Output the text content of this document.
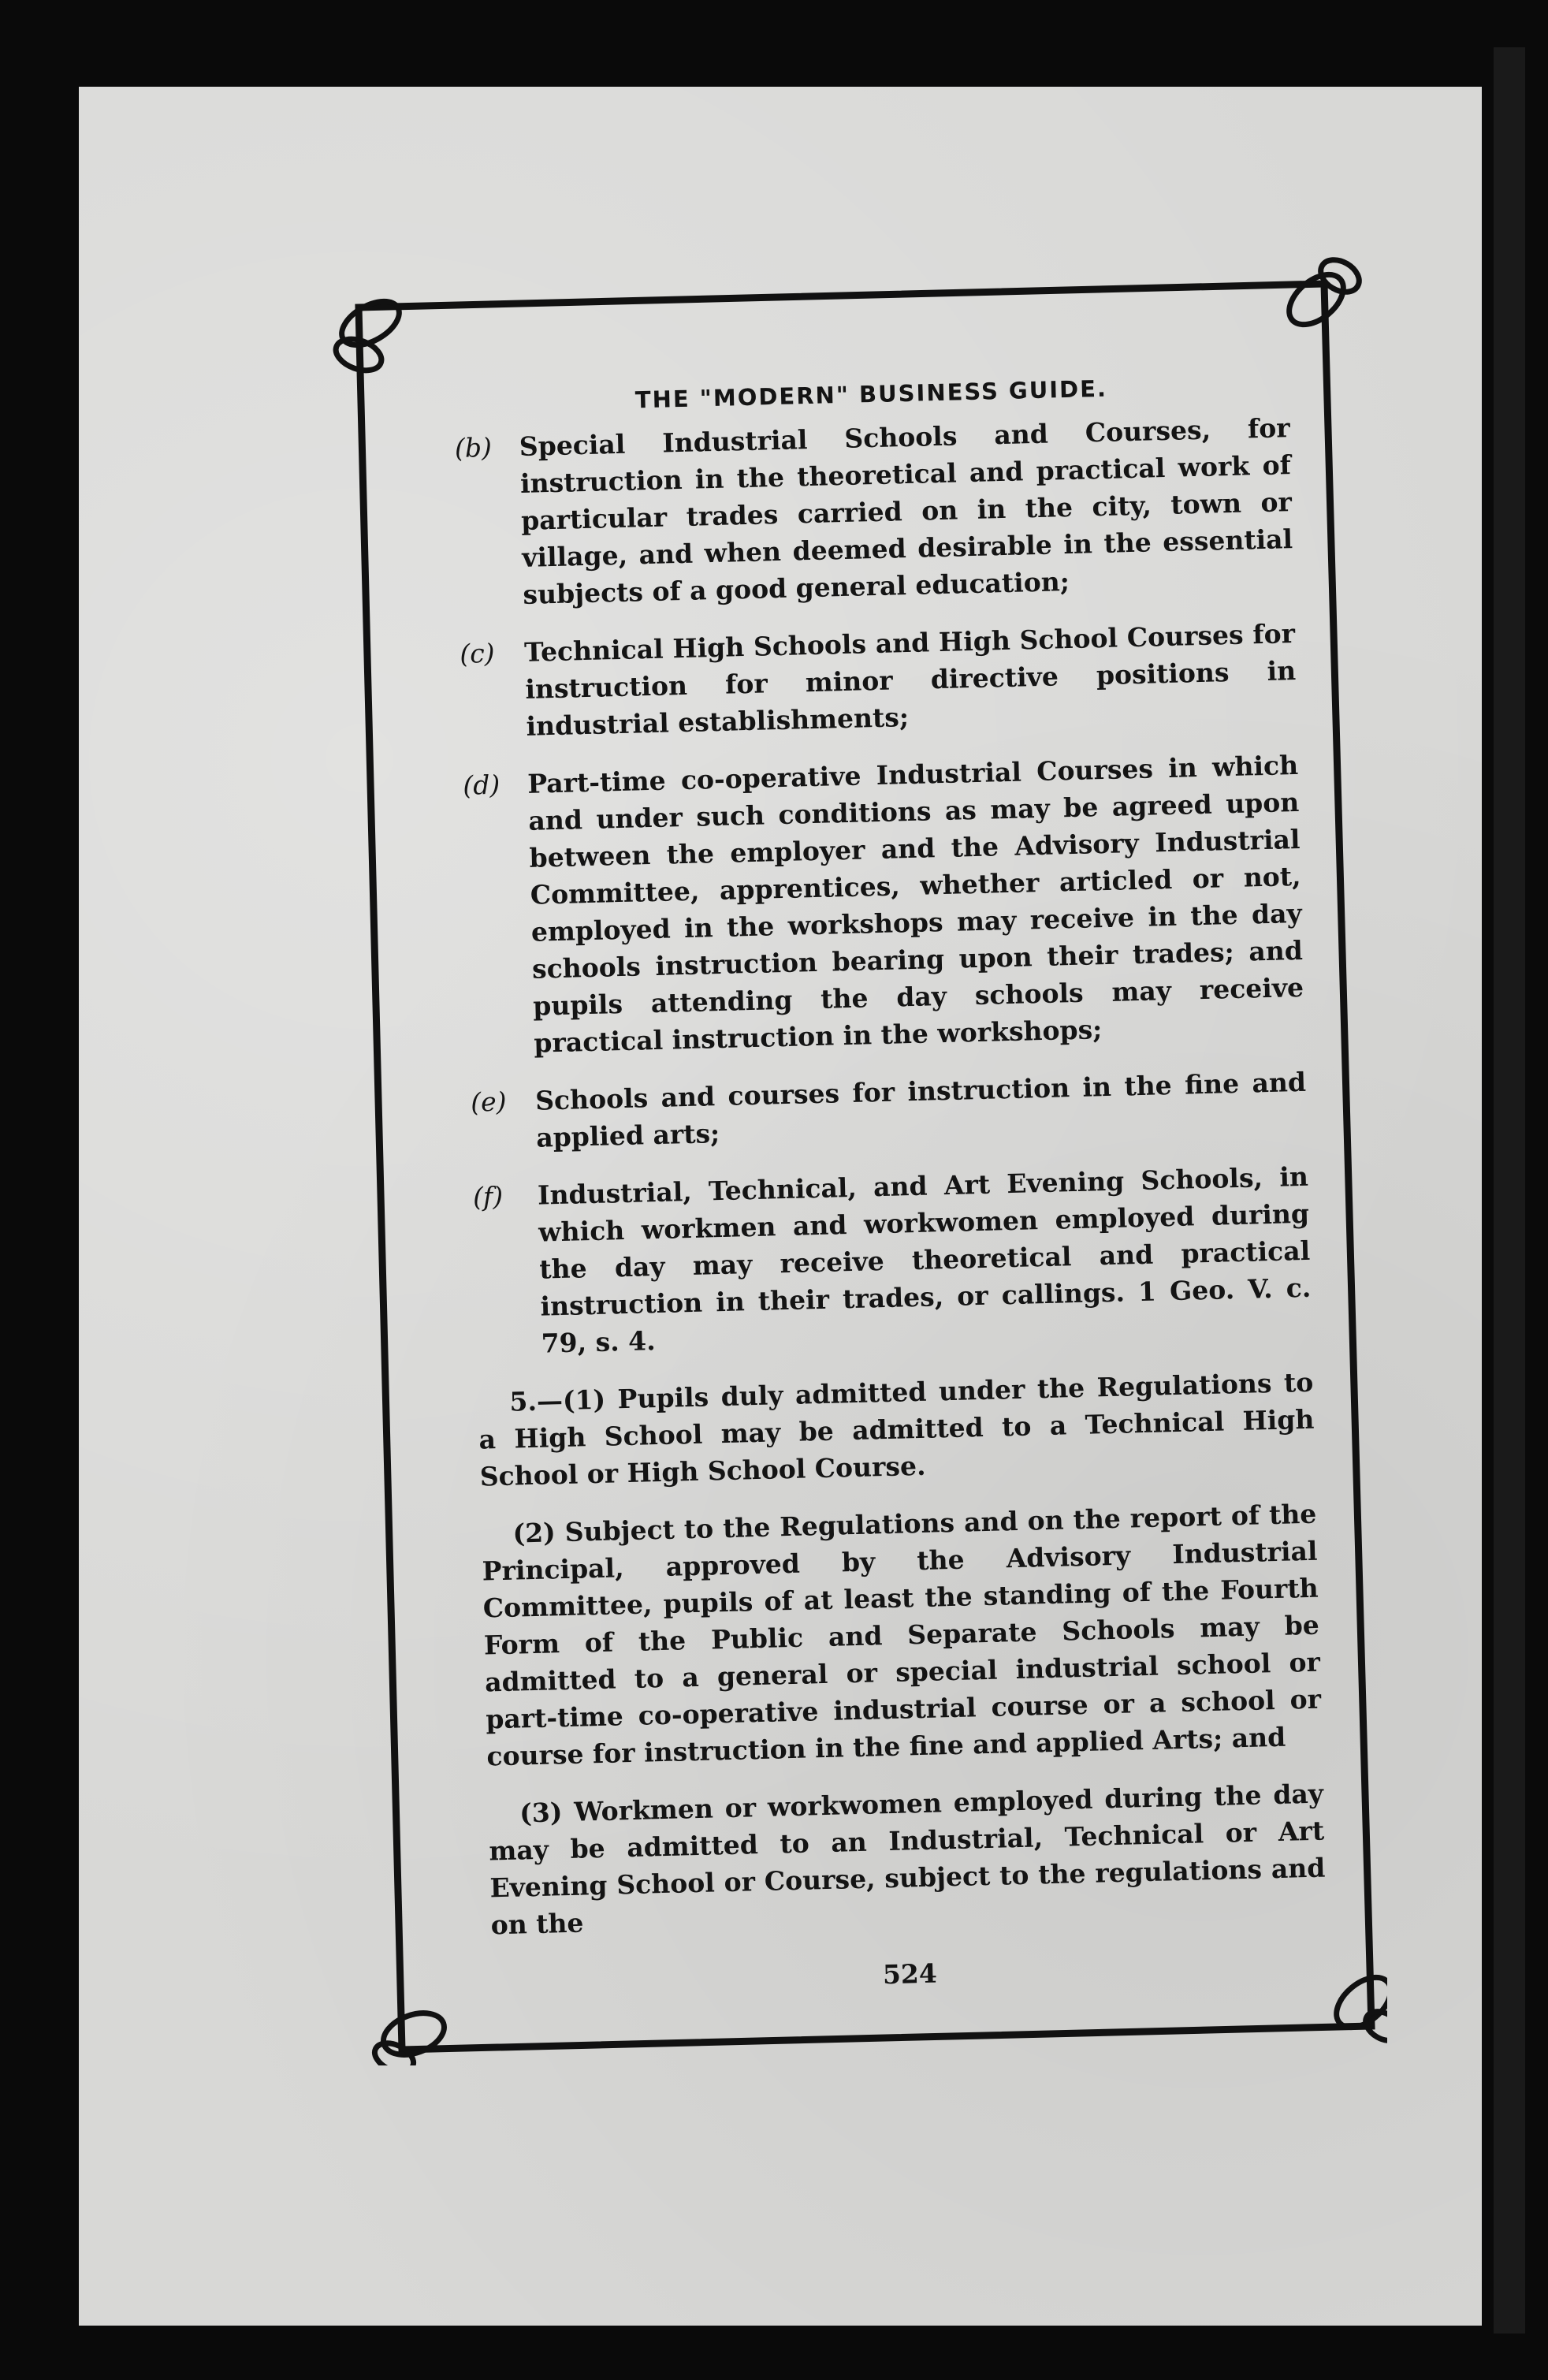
THE "MODERN" BUSINESS GUIDE.
(b) Special Industrial Schools and Courses, for instruction in the theoretical and practical work of particular trades carried on in the city, town or village, and when deemed desirable in the essential subjects of a good general education;
(c) Technical High Schools and High School Courses for instruction for minor directive positions in industrial establishments;
(d) Part-time co-operative Industrial Courses in which and under such conditions as may be agreed upon between the employer and the Advisory Industrial Committee, apprentices, whether articled or not, employed in the workshops may receive in the day schools instruction bearing upon their trades; and pupils attending the day schools may receive practical instruction in the workshops;
(e) Schools and courses for instruction in the fine and applied arts;
(f) Industrial, Technical, and Art Evening Schools, in which workmen and workwomen employed during the day may receive theoretical and practical instruction in their trades, or callings. 1 Geo. V. c. 79, s. 4.

5.—(1) Pupils duly admitted under the Regulations to a High School may be admitted to a Technical High School or High School Course.

(2) Subject to the Regulations and on the report of the Principal, approved by the Advisory Industrial Committee, pupils of at least the standing of the Fourth Form of the Public and Separate Schools may be admitted to a general or special industrial school or part-time co-operative industrial course or a school or course for instruction in the fine and applied Arts; and

(3) Workmen or workwomen employed during the day may be admitted to an Industrial, Technical or Art Evening School or Course, subject to the regulations and on the

524
